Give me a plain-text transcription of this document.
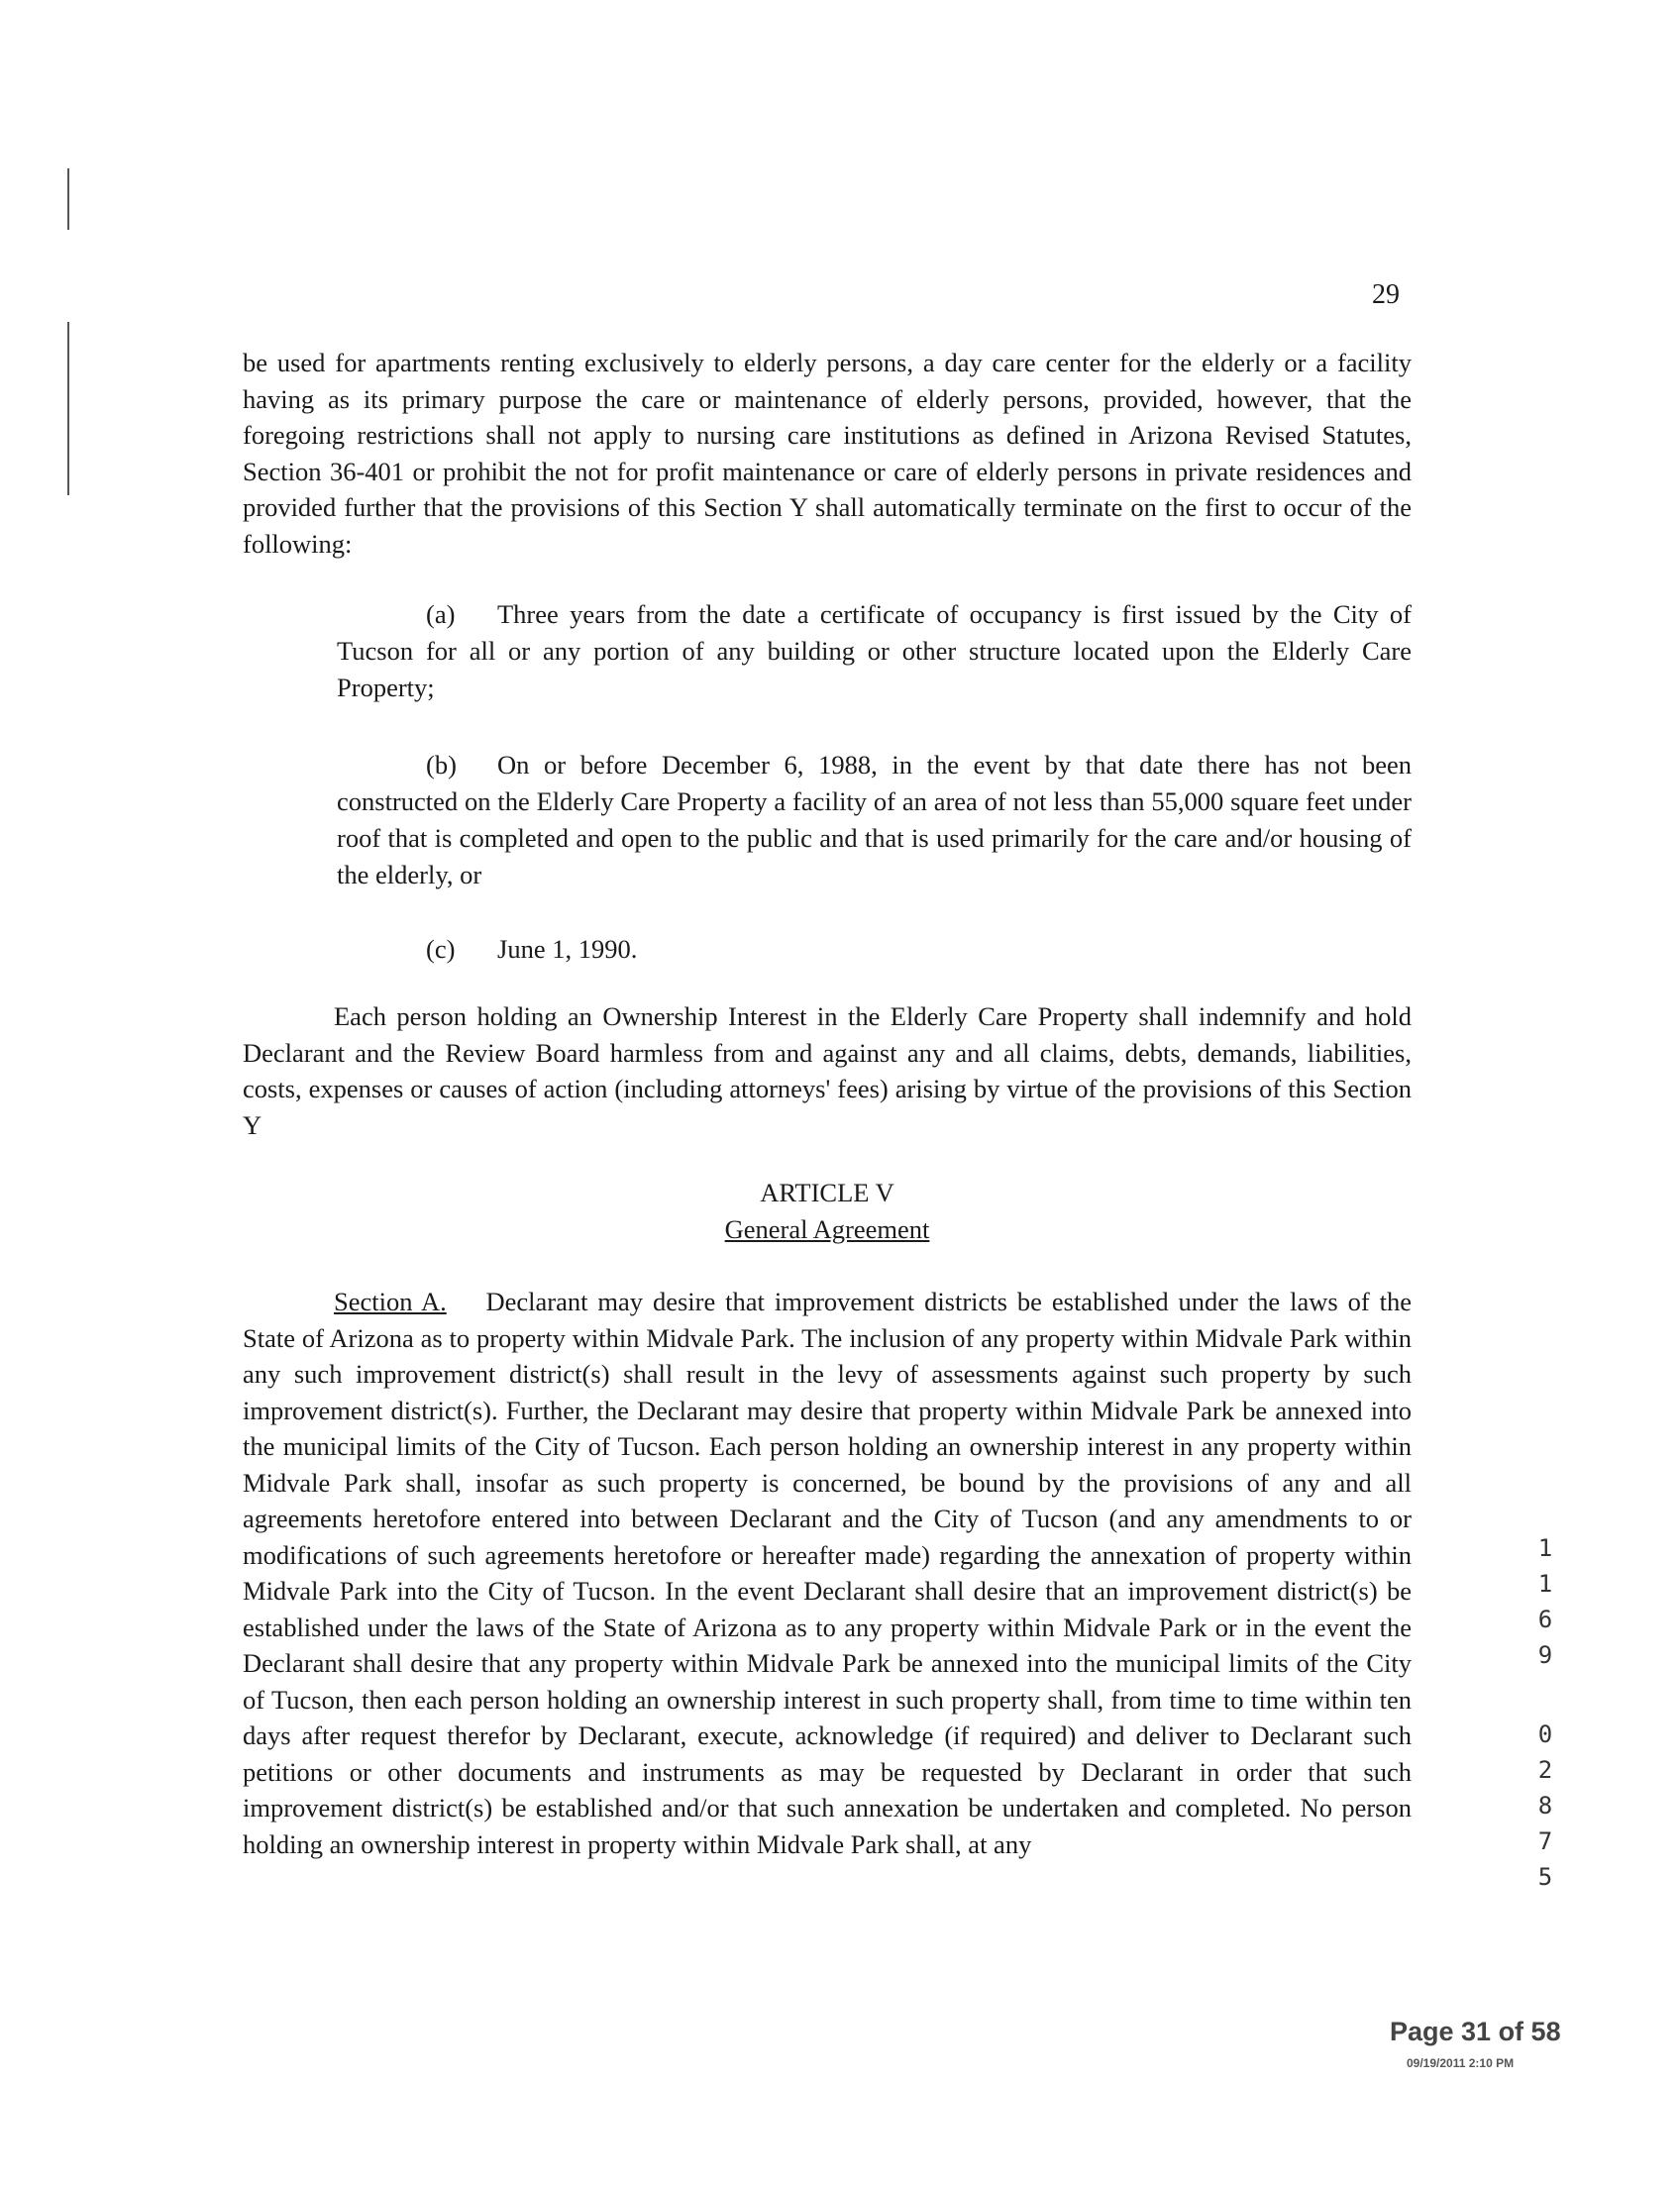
29

be used for apartments renting exclusively to elderly persons, a day care center for the elderly or a facility having as its primary purpose the care or maintenance of elderly persons, provided, however, that the foregoing restrictions shall not apply to nursing care institutions as defined in Arizona Revised Statutes, Section 36-401 or prohibit the not for profit maintenance or care of elderly persons in private residences and provided further that the provisions of this Section Y shall automatically terminate on the first to occur of the following:

(a) Three years from the date a certificate of occupancy is first issued by the City of Tucson for all or any portion of any building or other structure located upon the Elderly Care Property;

(b) On or before December 6, 1988, in the event by that date there has not been constructed on the Elderly Care Property a facility of an area of not less than 55,000 square feet under roof that is completed and open to the public and that is used primarily for the care and/or housing of the elderly, or

(c) June 1, 1990.

Each person holding an Ownership Interest in the Elderly Care Property shall indemnify and hold Declarant and the Review Board harmless from and against any and all claims, debts, demands, liabilities, costs, expenses or causes of action (including attorneys' fees) arising by virtue of the provisions of this Section Y
ARTICLE V
General Agreement
Section A. Declarant may desire that improvement districts be established under the laws of the State of Arizona as to property within Midvale Park. The inclusion of any property within Midvale Park within any such improvement district(s) shall result in the levy of assessments against such property by such improvement district(s). Further, the Declarant may desire that property within Midvale Park be annexed into the municipal limits of the City of Tucson. Each person holding an ownership interest in any property within Midvale Park shall, insofar as such property is concerned, be bound by the provisions of any and all agreements heretofore entered into between Declarant and the City of Tucson (and any amendments to or modifications of such agreements heretofore or hereafter made) regarding the annexation of property within Midvale Park into the City of Tucson. In the event Declarant shall desire that an improvement district(s) be established under the laws of the State of Arizona as to any property within Midvale Park or in the event the Declarant shall desire that any property within Midvale Park be annexed into the municipal limits of the City of Tucson, then each person holding an ownership interest in such property shall, from time to time within ten days after request therefor by Declarant, execute, acknowledge (if required) and deliver to Declarant such petitions or other documents and instruments as may be requested by Declarant in order that such improvement district(s) be established and/or that such annexation be undertaken and completed. No person holding an ownership interest in property within Midvale Park shall, at any
1
1
6
9
0
2
8
7
5
Page 31 of 58
09/19/2011 2:10 PM
